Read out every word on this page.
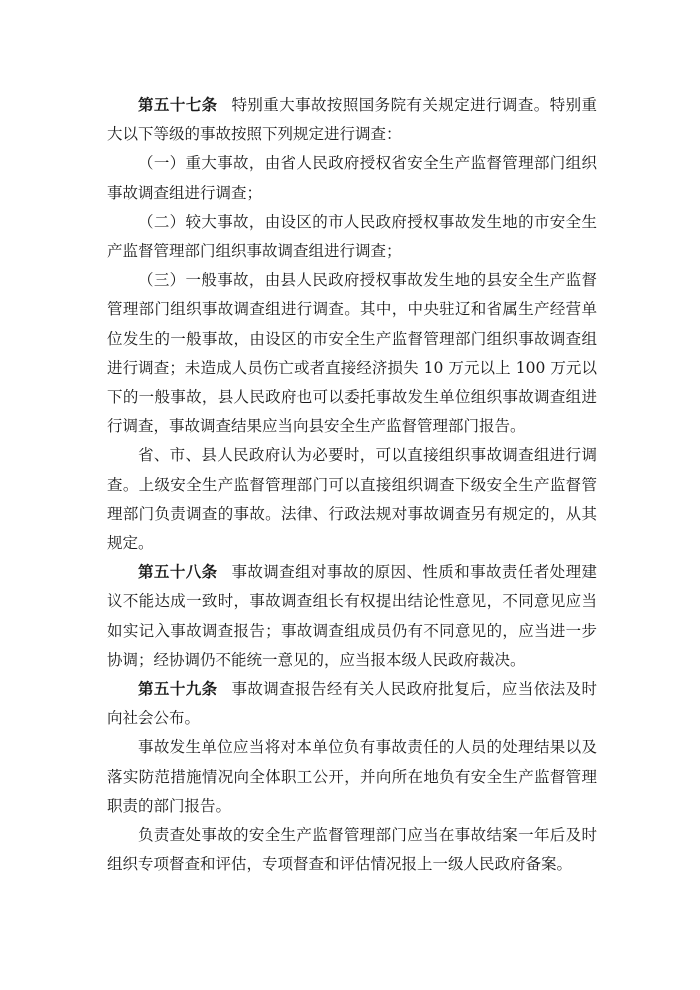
第五十七条 特别重大事故按照国务院有关规定进行调查。特别重大以下等级的事故按照下列规定进行调查：

（一）重大事故，由省人民政府授权省安全生产监督管理部门组织事故调查组进行调查；

（二）较大事故，由设区的市人民政府授权事故发生地的市安全生产监督管理部门组织事故调查组进行调查；

（三）一般事故，由县人民政府授权事故发生地的县安全生产监督管理部门组织事故调查组进行调查。其中，中央驻辽和省属生产经营单位发生的一般事故，由设区的市安全生产监督管理部门组织事故调查组进行调查；未造成人员伤亡或者直接经济损失 10 万元以上 100 万元以下的一般事故，县人民政府也可以委托事故发生单位组织事故调查组进行调查，事故调查结果应当向县安全生产监督管理部门报告。

省、市、县人民政府认为必要时，可以直接组织事故调查组进行调查。上级安全生产监督管理部门可以直接组织调查下级安全生产监督管理部门负责调查的事故。法律、行政法规对事故调查另有规定的，从其规定。

第五十八条 事故调查组对事故的原因、性质和事故责任者处理建议不能达成一致时，事故调查组长有权提出结论性意见，不同意见应当如实记入事故调查报告；事故调查组成员仍有不同意见的，应当进一步协调；经协调仍不能统一意见的，应当报本级人民政府裁决。

第五十九条 事故调查报告经有关人民政府批复后，应当依法及时向社会公布。

事故发生单位应当将对本单位负有事故责任的人员的处理结果以及落实防范措施情况向全体职工公开，并向所在地负有安全生产监督管理职责的部门报告。

负责查处事故的安全生产监督管理部门应当在事故结案一年后及时组织专项督查和评估，专项督查和评估情况报上一级人民政府备案。
